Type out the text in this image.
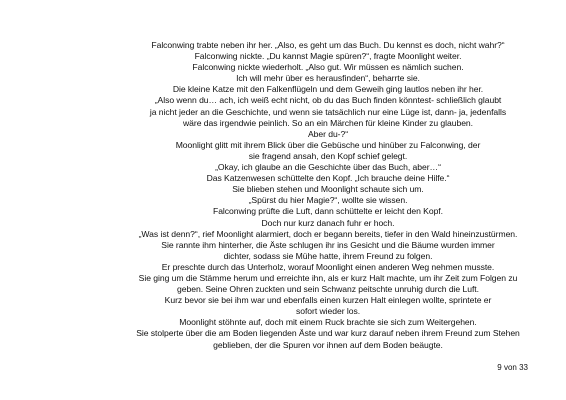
Falconwing trabte neben ihr her. „Also, es geht um das Buch. Du kennst es doch, nicht wahr?“
Falconwing nickte. „Du kannst Magie spüren?“, fragte Moonlight weiter.
Falconwing nickte wiederholt. „Also gut. Wir müssen es nämlich suchen.
Ich will mehr über es herausfinden“, beharrte sie.
Die kleine Katze mit den Falkenflügeln und dem Geweih ging lautlos neben ihr her.
„Also wenn du… ach, ich weiß echt nicht, ob du das Buch finden könntest- schließlich glaubt
ja nicht jeder an die Geschichte, und wenn sie tatsächlich nur eine Lüge ist, dann- ja, jedenfalls
wäre das irgendwie peinlich. So an ein Märchen für kleine Kinder zu glauben.
Aber du-?“
Moonlight glitt mit ihrem Blick über die Gebüsche und hinüber zu Falconwing, der
sie fragend ansah, den Kopf schief gelegt.
„Okay, ich glaube an die Geschichte über das Buch, aber…“
Das Katzenwesen schüttelte den Kopf. „Ich brauche deine Hilfe.“
Sie blieben stehen und Moonlight schaute sich um.
„Spürst du hier Magie?“, wollte sie wissen.
Falconwing prüfte die Luft, dann schüttelte er leicht den Kopf.
Doch nur kurz danach fuhr er hoch.
„Was ist denn?“, rief Moonlight alarmiert, doch er begann bereits, tiefer in den Wald hineinzustürmen.
Sie rannte ihm hinterher, die Äste schlugen ihr ins Gesicht und die Bäume wurden immer
dichter, sodass sie Mühe hatte, ihrem Freund zu folgen.
Er preschte durch das Unterholz, worauf Moonlight einen anderen Weg nehmen musste.
Sie ging um die Stämme herum und erreichte ihn, als er kurz Halt machte, um ihr Zeit zum Folgen zu
geben. Seine Ohren zuckten und sein Schwanz peitschte unruhig durch die Luft.
Kurz bevor sie bei ihm war und ebenfalls einen kurzen Halt einlegen wollte, sprintete er
sofort wieder los.
Moonlight stöhnte auf, doch mit einem Ruck brachte sie sich zum Weitergehen.
Sie stolperte über die am Boden liegenden Äste und war kurz darauf neben ihrem Freund zum Stehen
geblieben, der die Spuren vor ihnen auf dem Boden beäugte.
9 von 33
